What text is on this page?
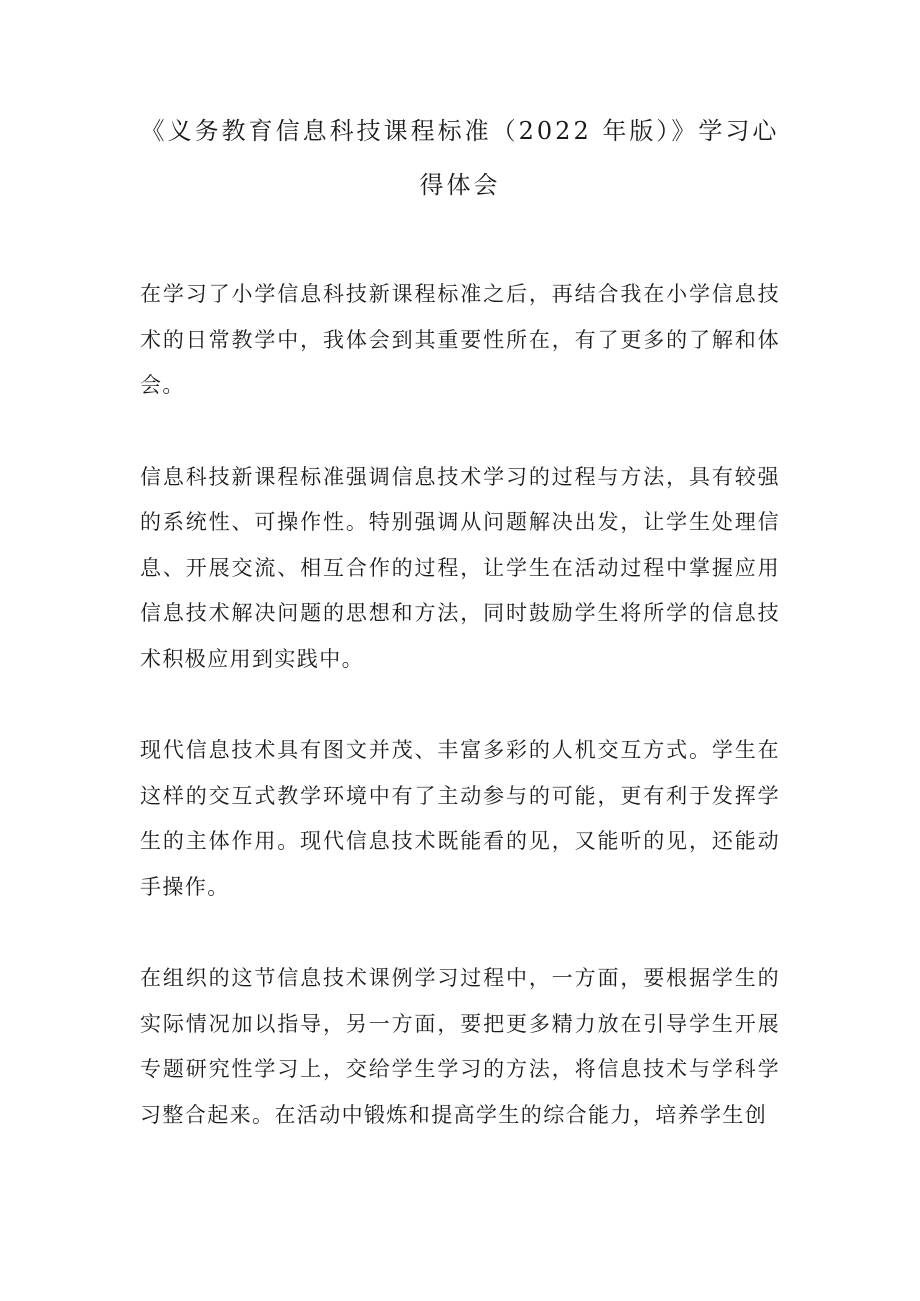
《义务教育信息科技课程标准（2022 年版）》学习心得体会

在学习了小学信息科技新课程标准之后，再结合我在小学信息技术的日常教学中，我体会到其重要性所在，有了更多的了解和体会。

信息科技新课程标准强调信息技术学习的过程与方法，具有较强的系统性、可操作性。特别强调从问题解决出发，让学生处理信息、开展交流、相互合作的过程，让学生在活动过程中掌握应用信息技术解决问题的思想和方法，同时鼓励学生将所学的信息技术积极应用到实践中。

现代信息技术具有图文并茂、丰富多彩的人机交互方式。学生在这样的交互式教学环境中有了主动参与的可能，更有利于发挥学生的主体作用。现代信息技术既能看的见，又能听的见，还能动手操作。

在组织的这节信息技术课例学习过程中，一方面，要根据学生的实际情况加以指导，另一方面，要把更多精力放在引导学生开展专题研究性学习上，交给学生学习的方法，将信息技术与学科学习整合起来。在活动中锻炼和提高学生的综合能力，培养学生创
